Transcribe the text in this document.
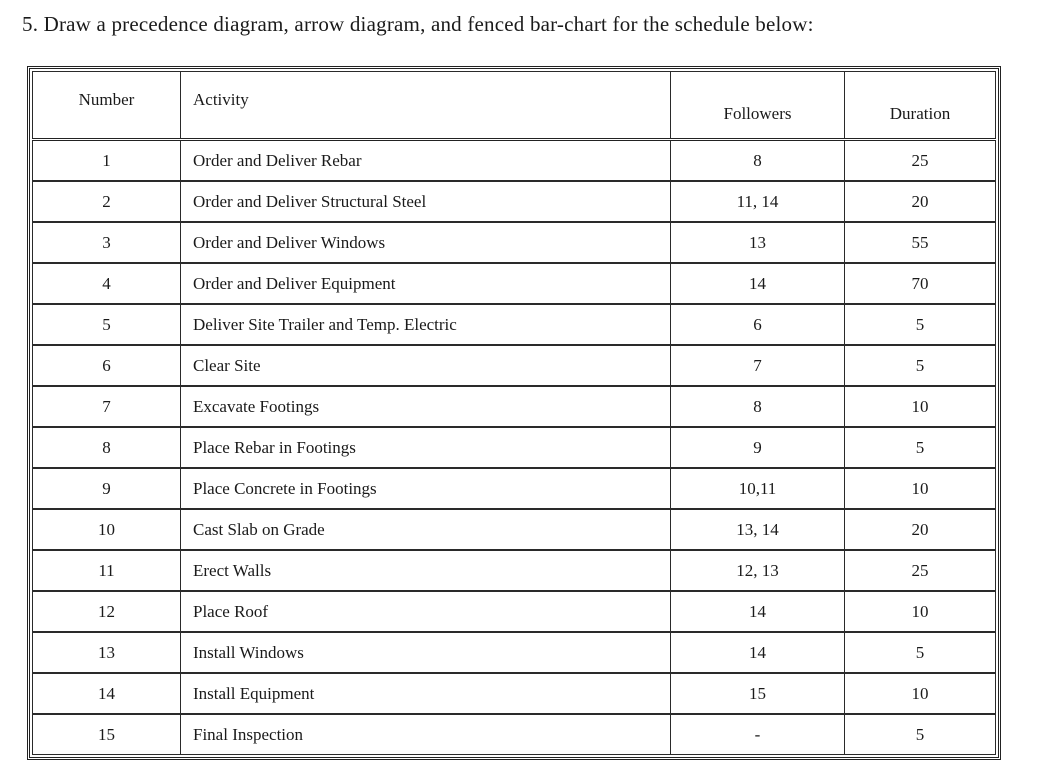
5. Draw a precedence diagram, arrow diagram, and fenced bar-chart for the schedule below:
Number	Activity	Followers	Duration
1	Order and Deliver Rebar	8	25
2	Order and Deliver Structural Steel	11, 14	20
3	Order and Deliver Windows	13	55
4	Order and Deliver Equipment	14	70
5	Deliver Site Trailer and Temp. Electric	6	5
6	Clear Site	7	5
7	Excavate Footings	8	10
8	Place Rebar in Footings	9	5
9	Place Concrete in Footings	10,11	10
10	Cast Slab on Grade	13, 14	20
11	Erect Walls	12, 13	25
12	Place Roof	14	10
13	Install Windows	14	5
14	Install Equipment	15	10
15	Final Inspection	-	5
